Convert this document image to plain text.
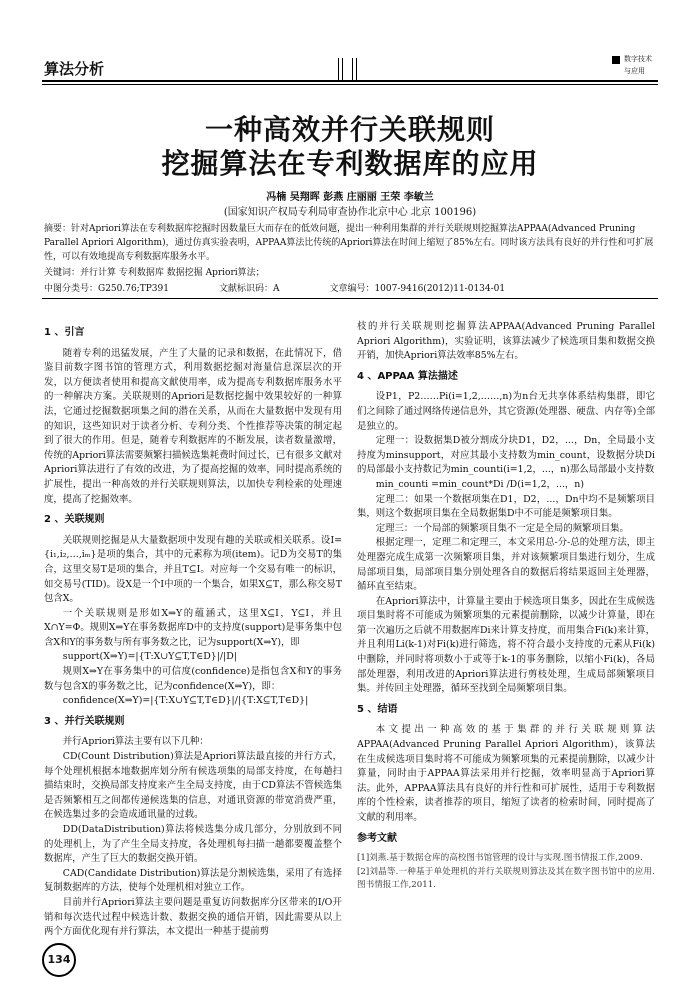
算法分析
数字技术
与应用
一种高效并行关联规则
挖掘算法在专利数据库的应用
冯楠 吴翔晖 彭燕 庄丽丽 王荣 李敏兰
(国家知识产权局专利局审查协作北京中心 北京 100196)
摘要：针对Apriori算法在专利数据库挖掘时因数量巨大而存在的低效问题，提出一种利用集群的并行关联规则挖掘算法APPAA(Advanced Pruning Parallel Apriori Algorithm)，通过仿真实验表明，APPAA算法比传统的Apriori算法在时间上缩短了85%左右。同时该方法具有良好的并行性和可扩展性，可以有效地提高专利数据库服务水平。
关键词：并行计算 专利数据库 数据挖掘 Apriori算法；
中图分类号：G250.76;TP391	文献标识码：A	文章编号：1007-9416(2012)11-0134-01
1 、引言

随着专利的迅猛发展，产生了大量的记录和数据，在此情况下，借鉴目前数字图书馆的管理方式，利用数据挖掘对海量信息深层次的开发，以方便读者使用和提高文献使用率，成为提高专利数据库服务水平的一种解决方案。关联规则的Apriori是数据挖掘中效果较好的一种算法，它通过挖掘数据项集之间的潜在关系，从而在大量数据中发现有用的知识，这些知识对于读者分析、专利分类、个性推荐等决策的制定起到了很大的作用。但是，随着专利数据库的不断发展，读者数量激增，传统的Apriori算法需要频繁扫描候选集耗费时间过长，已有很多文献对Apriori算法进行了有效的改进，为了提高挖掘的效率，同时提高系统的扩展性，提出一种高效的并行关联规则算法，以加快专利检索的处理速度，提高了挖掘效率。

2 、关联规则

关联规则挖掘是从大量数据项中发现有趣的关联或相关联系。设I={i₁,i₂,…,iₘ}是项的集合，其中的元素称为项(item)。记D为交易T的集合，这里交易T是项的集合，并且T⊆I。对应每一个交易有唯一的标识，如交易号(TID)。设X是一个I中项的一个集合，如果X⊆T，那么称交易T包含X。

一个关联规则是形如X⇒Y的蕴涵式，这里X⊆I，Y⊆I，并且X∩Y=Φ。规则X⇒Y在事务数据库D中的支持度(support)是事务集中包含X和Y的事务数与所有事务数之比，记为support(X⇒Y)，即

support(X⇒Y)=|{T:X∪Y⊆T,T∈D}|/|D|

规则X⇒Y在事务集中的可信度(confidence)是指包含X和Y的事务数与包含X的事务数之比，记为confidence(X⇒Y)，即：

confidence(X⇒Y)=|{T:X∪Y⊆T,T∈D}|/|{T:X⊆T,T∈D}|

3 、并行关联规则

并行Apriori算法主要有以下几种：

CD(Count Distribution)算法是Apriori算法最直接的并行方式，每个处理机根据本地数据库划分所有候选项集的局部支持度，在每趟扫描结束时，交换局部支持度来产生全局支持度，由于CD算法不管候选集是否频繁相互之间都传递候选集的信息，对通讯资源的带宽消费严重，在候选集过多的会造成通讯量的过载。

DD(DataDistribution)算法将候选集分成几部分，分别放到不同的处理机上，为了产生全局支持度，各处理机每扫描一趟都要覆盖整个数据库，产生了巨大的数据交换开销。

CAD(Candidate Distribution)算法是分割候选集，采用了有选择复制数据库的方法，使每个处理机相对独立工作。

目前并行Apriori算法主要问题是重复访问数据库分区带来的I/O开销和每次迭代过程中候选计数、数据交换的通信开销，因此需要从以上两个方面优化现有并行算法，本文提出一种基于提前剪

枝的并行关联规则挖掘算法APPAA(Advanced Pruning Parallel Apriori Algorithm)，实验证明，该算法减少了候选项目集和数据交换开销，加快Apriori算法效率85%左右。

4 、APPAA 算法描述

设P1，P2……Pi(i=1,2,……,n)为n台无共享体系结构集群，即它们之间除了通过网络传递信息外，其它资源(处理器、硬盘、内存等)全部是独立的。

定理一：设数据集D被分割成分块D1，D2，...，Dn，全局最小支持度为minsupport，对应其最小支持数为min_count，设数据分块Di的局部最小支持数记为min_counti(i=1,2，...，n)那么局部最小支持数

min_counti =min_count*Di /D(i=1,2，...，n)

定理二：如果一个数据项集在D1，D2，...，Dn中均不是频繁项目集，则这个数据项目集在全局数据集D中不可能是频繁项目集。

定理三：一个局部的频繁项目集不一定是全局的频繁项目集。

根据定理一，定理二和定理三，本文采用总-分-总的处理方法，即主处理器完成生成第一次频繁项目集，并对该频繁项目集进行划分，生成局部项目集，局部项目集分别处理各自的数据后将结果返回主处理器，循环直至结束。

在Apriori算法中，计算量主要由于候选项目集多，因此在生成候选项目集时将不可能成为频繁项集的元素提前删除，以减少计算量，即在第一次遍历之后就不用数据库Di来计算支持度，而用集合Fi(k)来计算，并且利用Li(k-1)对Fi(k)进行筛选，将不符合最小支持度的元素从Fi(k)中删除，并同时将项数小于或等于k-1的事务删除，以缩小Fi(k)，各局部处理器，利用改进的Apriori算法进行剪枝处理，生成局部频繁项目集。并传回主处理器，循环至找到全局频繁项目集。

5 、结语

本文提出一种高效的基于集群的并行关联规则算法APPAA(Advanced Pruning Parallel Apriori Algorithm)，该算法在生成候选项目集时将不可能成为频繁项集的元素提前删除，以减少计算量，同时由于APPAA算法采用并行挖掘，效率明显高于Apriori算法。此外，APPAA算法具有良好的并行性和可扩展性，适用于专利数据库的个性检索，读者推荐的项目，缩短了读者的检索时间，同时提高了文献的利用率。

参考文献

[1]刘燕.基于数据仓库的高校图书馆管理的设计与实现.图书情报工作,2009.

[2]刘晶等.一种基于单处理机的并行关联规则算法及其在数字图书馆中的应用.图书情报工作,2011.

134
